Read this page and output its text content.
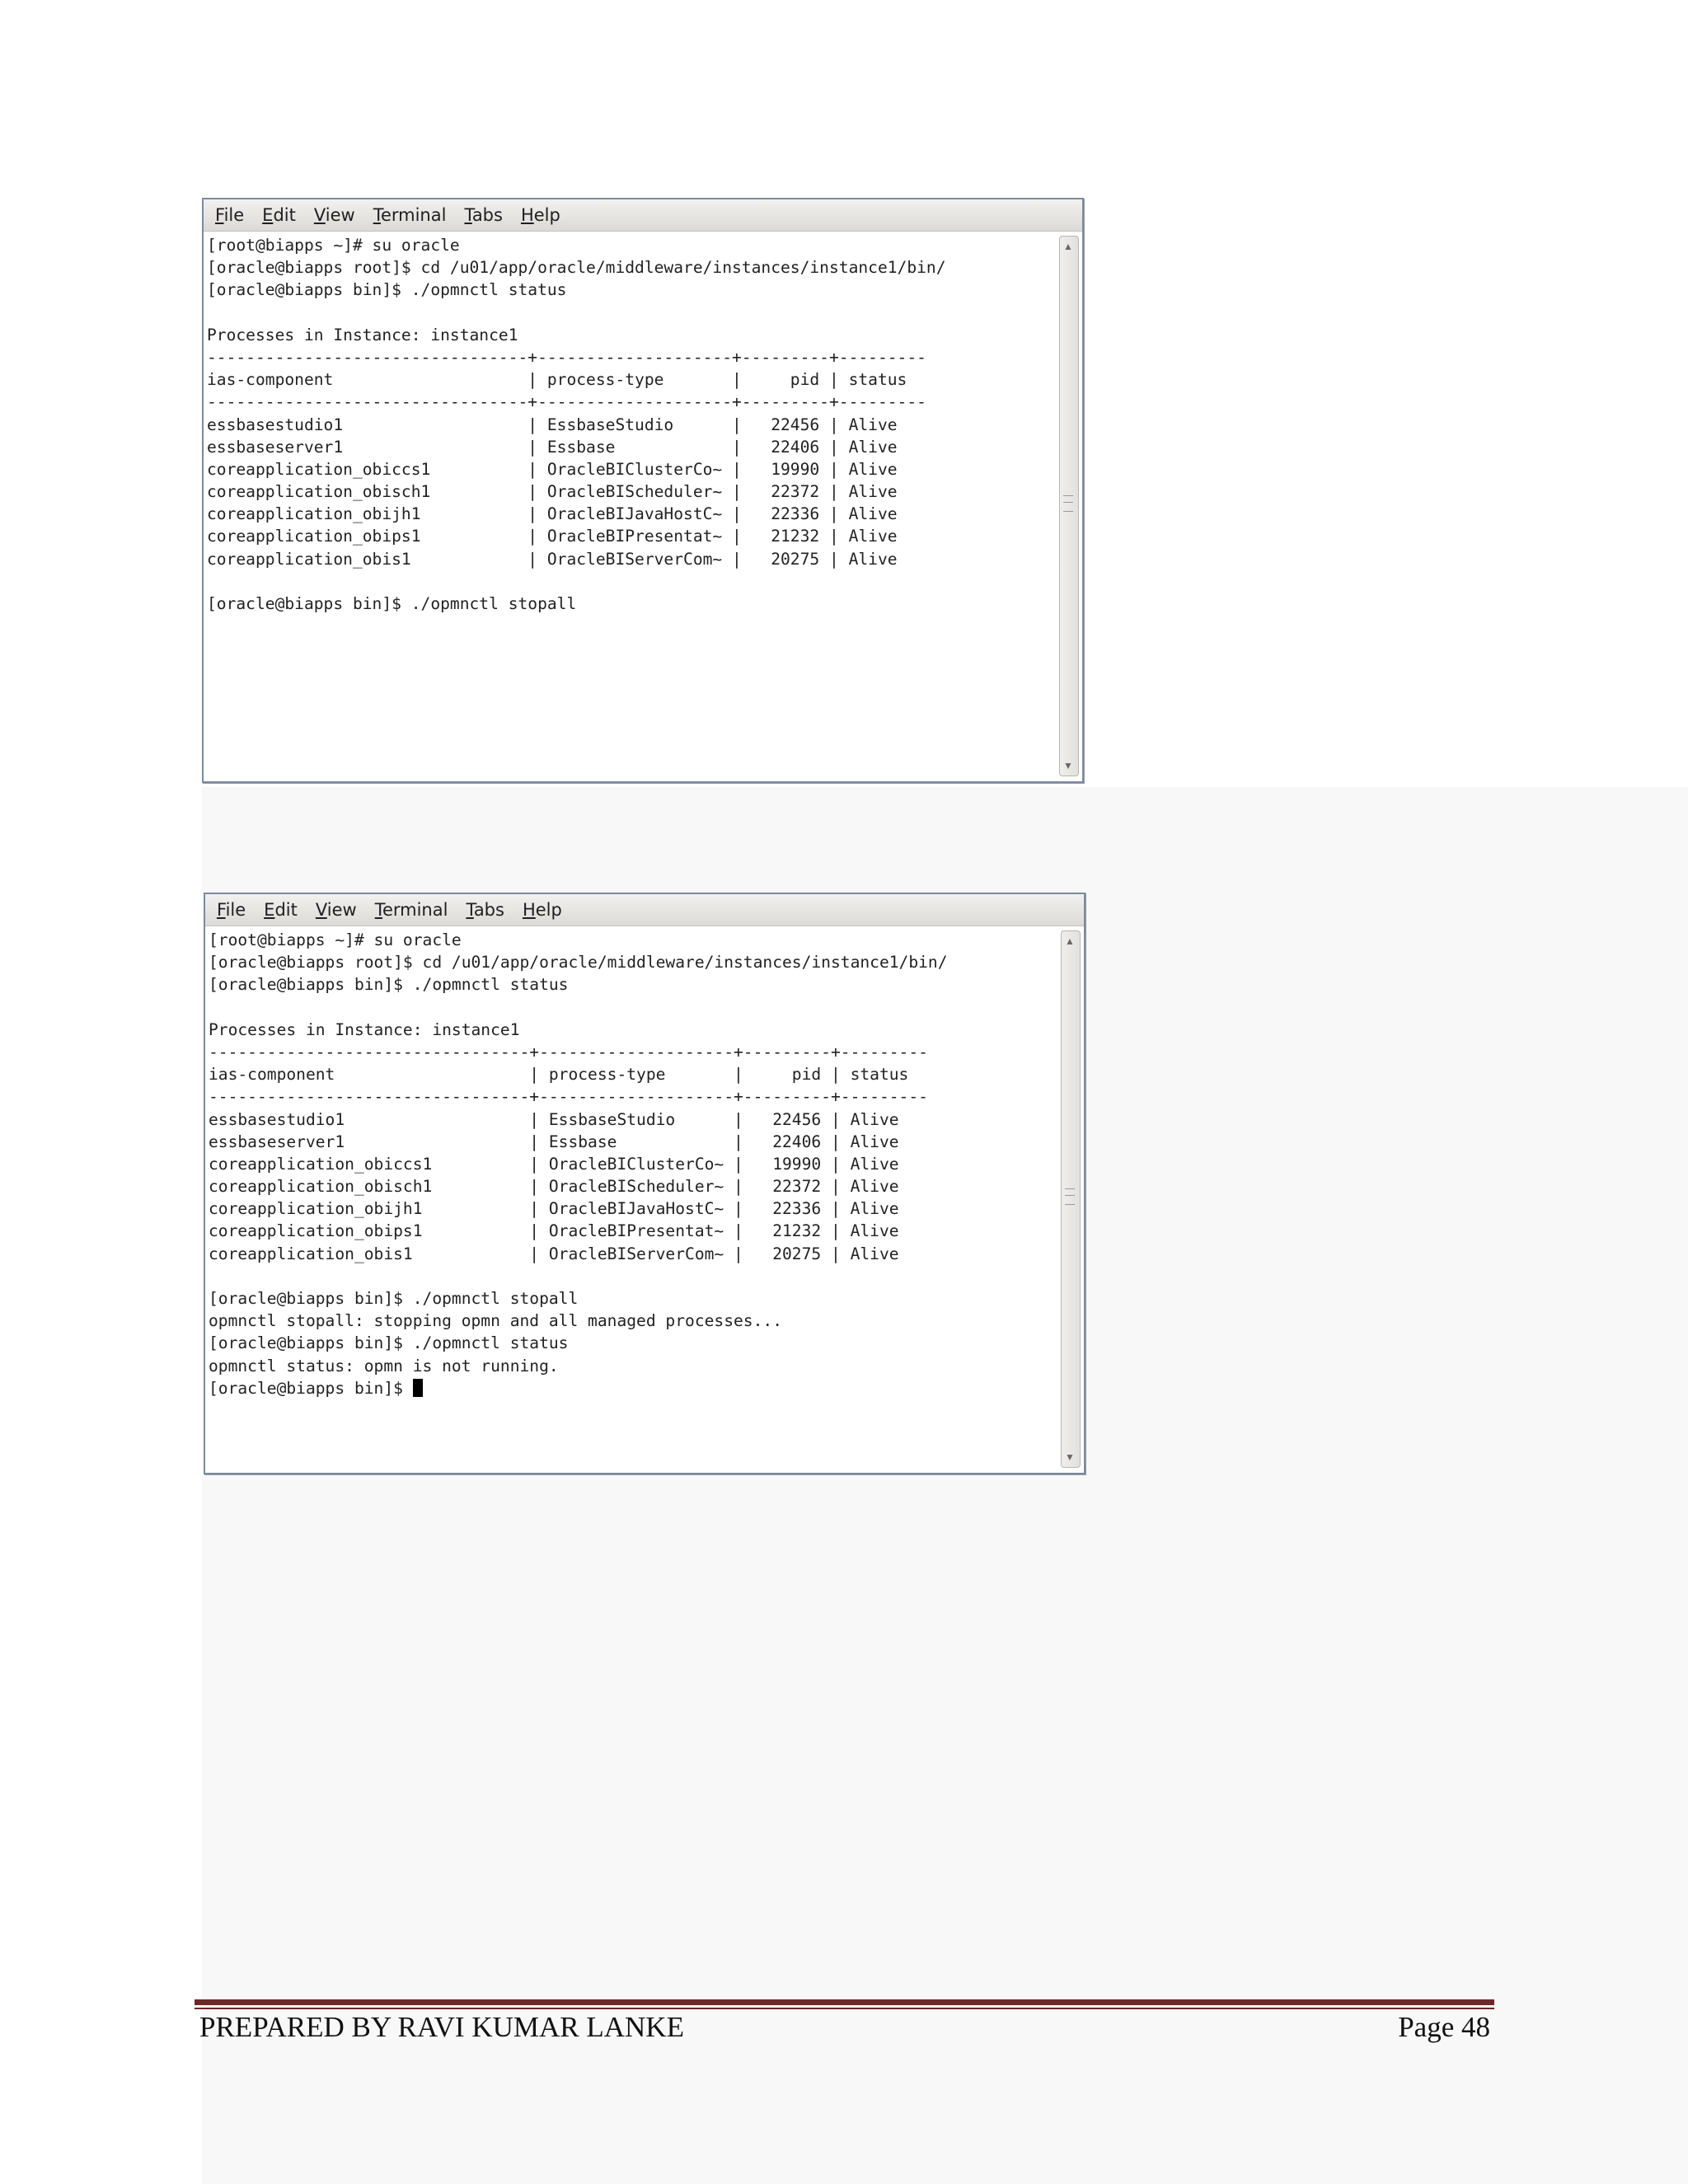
File Edit View Terminal Tabs Help
[root@biapps ~]# su oracle
[oracle@biapps root]$ cd /u01/app/oracle/middleware/instances/instance1/bin/
[oracle@biapps bin]$ ./opmnctl status
Processes in Instance: instance1
---------------------------------+--------------------+---------+---------
ias-component                    | process-type       |     pid | status
---------------------------------+--------------------+---------+---------
essbasestudio1                   | EssbaseStudio      |   22456 | Alive
essbaseserver1                   | Essbase            |   22406 | Alive
coreapplication_obiccs1          | OracleBIClusterCo~ |   19990 | Alive
coreapplication_obisch1          | OracleBIScheduler~ |   22372 | Alive
coreapplication_obijh1           | OracleBIJavaHostC~ |   22336 | Alive
coreapplication_obips1           | OracleBIPresentat~ |   21232 | Alive
coreapplication_obis1            | OracleBIServerCom~ |   20275 | Alive
[oracle@biapps bin]$ ./opmnctl stopall
▲
▼
File Edit View Terminal Tabs Help
[root@biapps ~]# su oracle
[oracle@biapps root]$ cd /u01/app/oracle/middleware/instances/instance1/bin/
[oracle@biapps bin]$ ./opmnctl status
Processes in Instance: instance1
---------------------------------+--------------------+---------+---------
ias-component                    | process-type       |     pid | status
---------------------------------+--------------------+---------+---------
essbasestudio1                   | EssbaseStudio      |   22456 | Alive
essbaseserver1                   | Essbase            |   22406 | Alive
coreapplication_obiccs1          | OracleBIClusterCo~ |   19990 | Alive
coreapplication_obisch1          | OracleBIScheduler~ |   22372 | Alive
coreapplication_obijh1           | OracleBIJavaHostC~ |   22336 | Alive
coreapplication_obips1           | OracleBIPresentat~ |   21232 | Alive
coreapplication_obis1            | OracleBIServerCom~ |   20275 | Alive
[oracle@biapps bin]$ ./opmnctl stopall
opmnctl stopall: stopping opmn and all managed processes...
[oracle@biapps bin]$ ./opmnctl status
opmnctl status: opmn is not running.
[oracle@biapps bin]$
▲
▼
PREPARED BY RAVI KUMAR LANKE	Page 48
